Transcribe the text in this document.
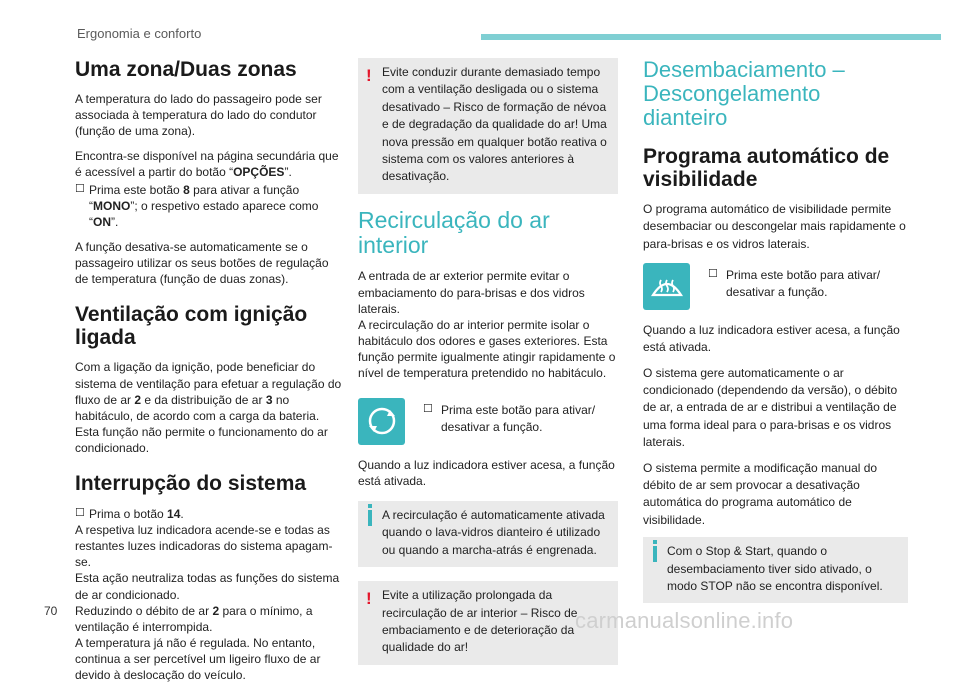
Ergonomia e conforto
Uma zona/Duas zonas

A temperatura do lado do passageiro pode ser associada à temperatura do lado do condutor (função de uma zona).

Encontra-se disponível na página secundária que é acessível a partir do botão “OPÇÕES”.

☐ Prima este botão 8 para ativar a função “MONO”; o respetivo estado aparece como “ON”.

A função desativa-se automaticamente se o passageiro utilizar os seus botões de regulação de temperatura (função de duas zonas).

Ventilação com ignição ligada

Com a ligação da ignição, pode beneficiar do sistema de ventilação para efetuar a regulação do fluxo de ar 2 e da distribuição de ar 3 no habitáculo, de acordo com a carga da bateria.

Esta função não permite o funcionamento do ar condicionado.

Interrupção do sistema
☐ Prima o botão 14.

A respetiva luz indicadora acende-se e todas as restantes luzes indicadoras do sistema apagam-se.

Esta ação neutraliza todas as funções do sistema de ar condicionado.

Reduzindo o débito de ar 2 para o mínimo, a ventilação é interrompida.

A temperatura já não é regulada. No entanto, continua a ser percetível um ligeiro fluxo de ar devido à deslocação do veículo.

! Evite conduzir durante demasiado tempo com a ventilação desligada ou o sistema desativado – Risco de formação de névoa e de degradação da qualidade do ar! Uma nova pressão em qualquer botão reativa o sistema com os valores anteriores à desativação.
Recirculação do ar interior

A entrada de ar exterior permite evitar o embaciamento do para-brisas e dos vidros laterais.

A recirculação do ar interior permite isolar o habitáculo dos odores e gases exteriores. Esta função permite igualmente atingir rapidamente o nível de temperatura pretendido no habitáculo.

☐ Prima este botão para ativar/ desativar a função.

Quando a luz indicadora estiver acesa, a função está ativada.

A recirculação é automaticamente ativada quando o lava-vidros dianteiro é utilizado ou quando a marcha-atrás é engrenada.
! Evite a utilização prolongada da recirculação de ar interior – Risco de embaciamento e de deterioração da qualidade do ar!
Desembaciamento – Descongelamento dianteiro
Programa automático de visibilidade

O programa automático de visibilidade permite desembaciar ou descongelar mais rapidamente o para-brisas e os vidros laterais.

☐ Prima este botão para ativar/ desativar a função.

Quando a luz indicadora estiver acesa, a função está ativada.

O sistema gere automaticamente o ar condicionado (dependendo da versão), o débito de ar, a entrada de ar e distribui a ventilação de uma forma ideal para o para-brisas e os vidros laterais.

O sistema permite a modificação manual do débito de ar sem provocar a desativação automática do programa automático de visibilidade.

Com o Stop & Start, quando o desembaciamento tiver sido ativado, o modo STOP não se encontra disponível.
70	carmanualsonline.info
